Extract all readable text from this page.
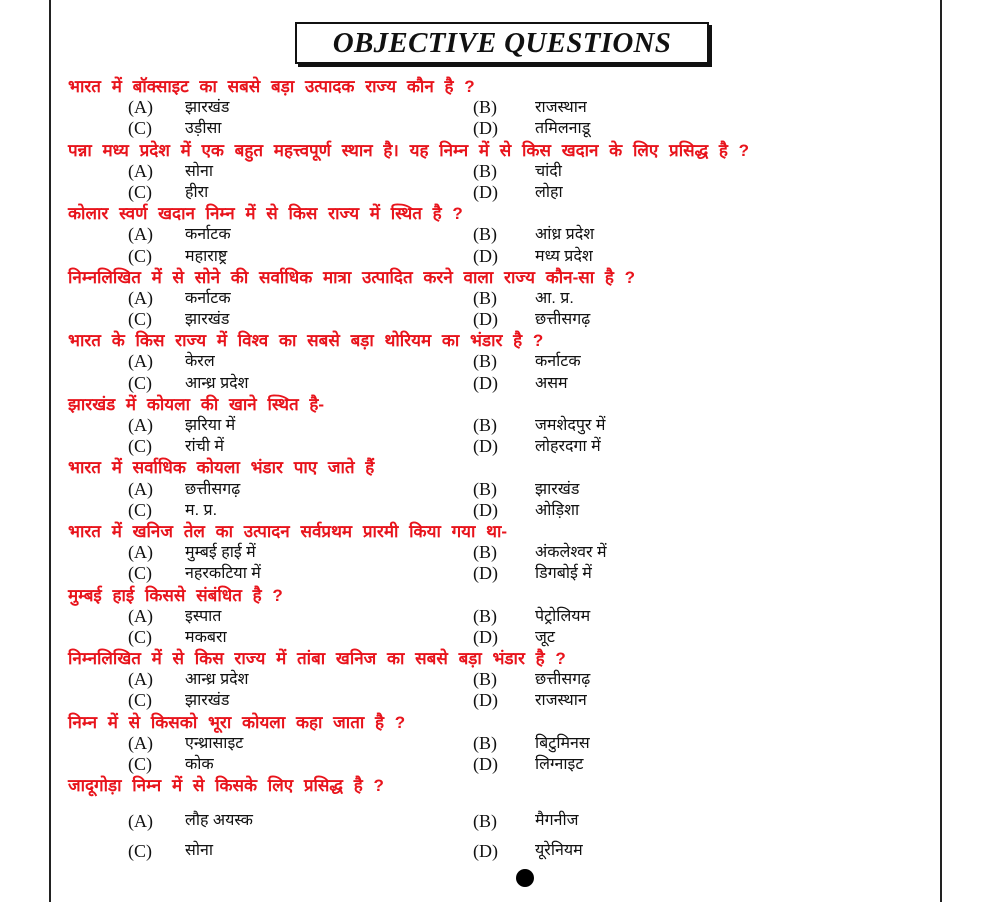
OBJECTIVE QUESTIONS
भारत में बॉक्साइट का सबसे बड़ा उत्पादक राज्य कौन है ?
(A) झारखंड	(B) राजस्थान
(C) उड़ीसा	(D) तमिलनाडू
पन्ना मध्य प्रदेश में एक बहुत महत्त्वपूर्ण स्थान है। यह निम्न में से किस खदान के लिए प्रसिद्ध है ?
(A) सोना	(B) चांदी
(C) हीरा	(D) लोहा
कोलार स्वर्ण खदान निम्न में से किस राज्य में स्थित है ?
(A) कर्नाटक	(B) आंध्र प्रदेश
(C) महाराष्ट्र	(D) मध्य प्रदेश
निम्नलिखित में से सोने की सर्वाधिक मात्रा उत्पादित करने वाला राज्य कौन-सा है ?
(A) कर्नाटक	(B) आ. प्र.
(C) झारखंड	(D) छत्तीसगढ़
भारत के किस राज्य में विश्व का सबसे बड़ा थोरियम का भंडार है ?
(A) केरल	(B) कर्नाटक
(C) आन्ध्र प्रदेश	(D) असम
झारखंड में कोयला की खाने स्थित है-
(A) झरिया में	(B) जमशेदपुर में
(C) रांची में	(D) लोहरदगा में
भारत में सर्वाधिक कोयला भंडार पाए जाते हैं
(A) छत्तीसगढ़	(B) झारखंड
(C) म. प्र.	(D) ओड़िशा
भारत में खनिज तेल का उत्पादन सर्वप्रथम प्रारमी किया गया था-
(A) मुम्बई हाई में	(B) अंकलेश्वर में
(C) नहरकटिया में	(D) डिगबोई में
मुम्बई हाई किससे संबंधित है ?
(A) इस्पात	(B) पेट्रोलियम
(C) मकबरा	(D) जूट
निम्नलिखित में से किस राज्य में तांबा खनिज का सबसे बड़ा भंडार है ?
(A) आन्ध्र प्रदेश	(B) छत्तीसगढ़
(C) झारखंड	(D) राजस्थान
निम्न में से किसको भूरा कोयला कहा जाता है ?
(A) एन्थ्रासाइट	(B) बिटुमिनस
(C) कोक	(D) लिग्नाइट
जादूगोड़ा निम्न में से किसके लिए प्रसिद्ध है ?
(A) लौह अयस्क	(B) मैगनीज
(C) सोना	(D) यूरेनियम
